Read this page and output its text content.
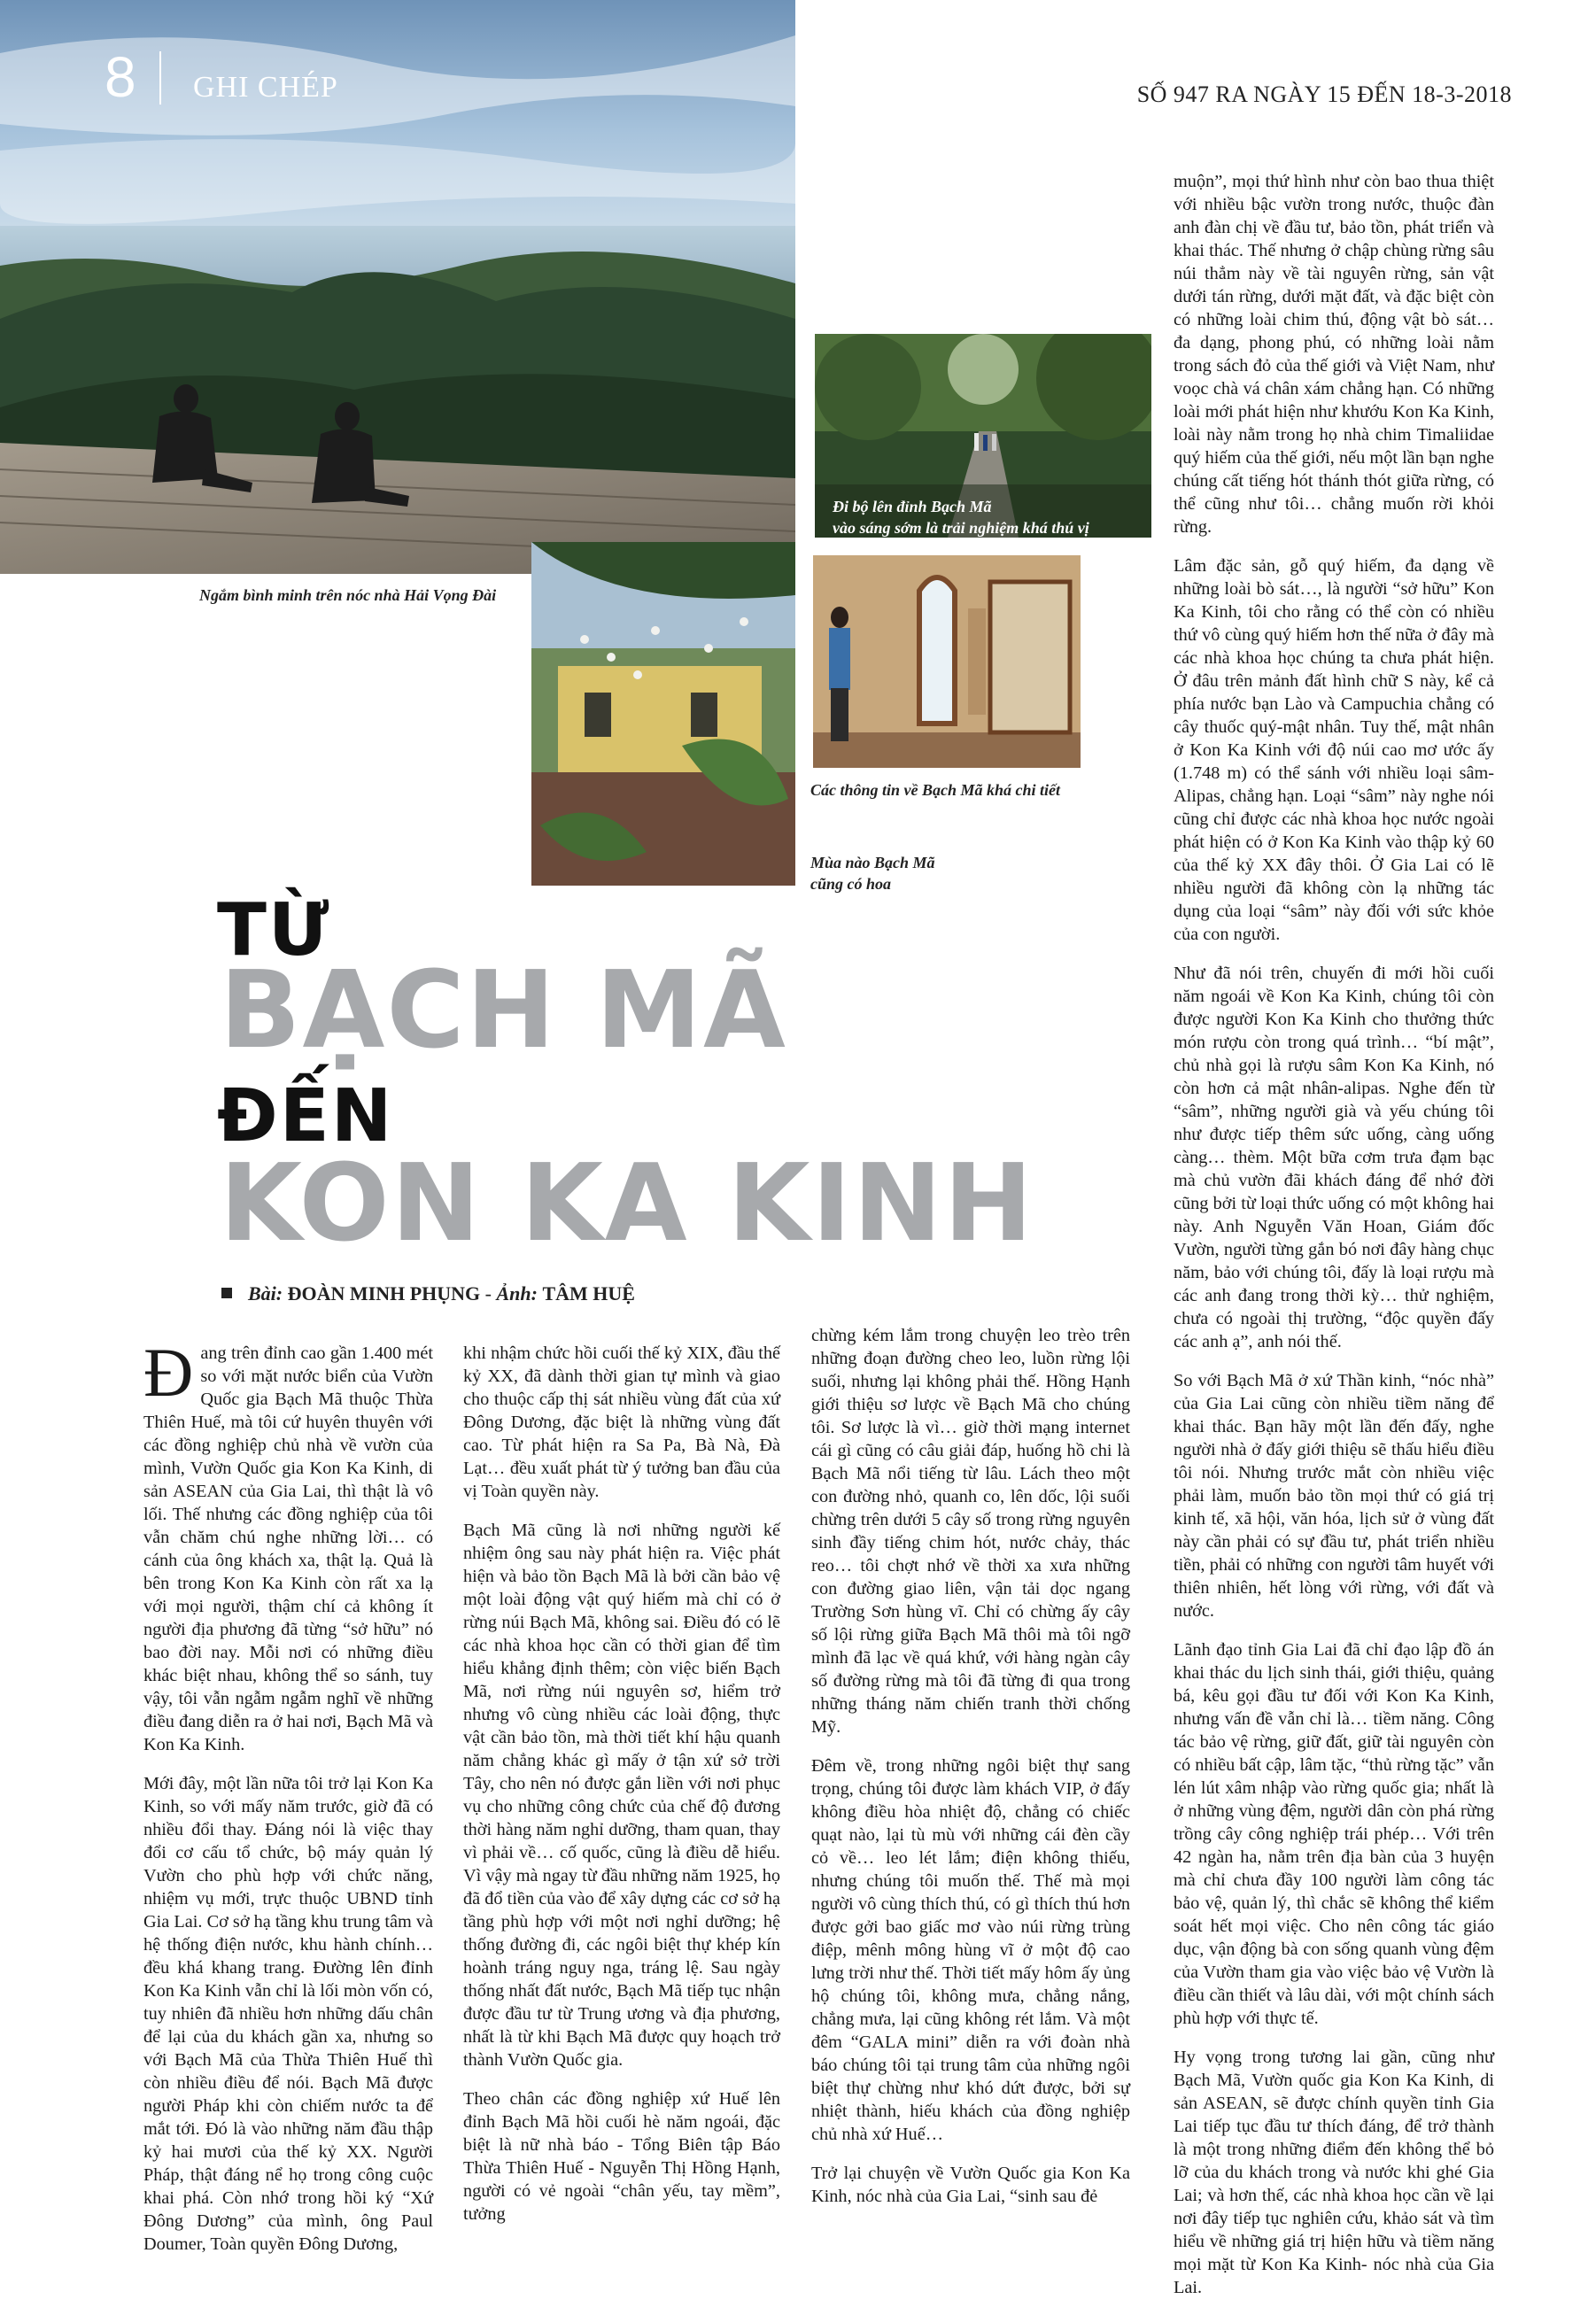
8 GHI CHÉP	SỐ 947 RA NGÀY 15 ĐẾN 18-3-2018
Ngắm bình minh trên nóc nhà Hải Vọng Đài
Đi bộ lên đỉnh Bạch Mã
vào sáng sớm là trải nghiệm khá thú vị
Các thông tin về Bạch Mã khá chi tiết
Mùa nào Bạch Mã
cũng có hoa
TỪ
BẠCH MÃ
ĐẾN
KON KA KINH
Bài: ĐOÀN MINH PHỤNG - Ảnh: TÂM HUỆ

Đang trên đỉnh cao gần 1.400 mét so với mặt nước biển của Vườn Quốc gia Bạch Mã thuộc Thừa Thiên Huế, mà tôi cứ huyên thuyên với các đồng nghiệp chủ nhà về vườn của mình, Vườn Quốc gia Kon Ka Kinh, di sản ASEAN của Gia Lai, thì thật là vô lối. Thế nhưng các đồng nghiệp của tôi vẫn chăm chú nghe những lời… có cánh của ông khách xa, thật lạ. Quả là bên trong Kon Ka Kinh còn rất xa lạ với mọi người, thậm chí cả không ít người địa phương đã từng “sở hữu” nó bao đời nay. Mỗi nơi có những điều khác biệt nhau, không thể so sánh, tuy vậy, tôi vẫn ngẫm ngẫm nghĩ về những điều đang diễn ra ở hai nơi, Bạch Mã và Kon Ka Kinh.

Mới đây, một lần nữa tôi trở lại Kon Ka Kinh, so với mấy năm trước, giờ đã có nhiều đổi thay. Đáng nói là việc thay đổi cơ cấu tổ chức, bộ máy quản lý Vườn cho phù hợp với chức năng, nhiệm vụ mới, trực thuộc UBND tỉnh Gia Lai. Cơ sở hạ tầng khu trung tâm và hệ thống điện nước, khu hành chính… đều khá khang trang. Đường lên đỉnh Kon Ka Kinh vẫn chỉ là lối mòn vốn có, tuy nhiên đã nhiều hơn những dấu chân để lại của du khách gần xa, nhưng so với Bạch Mã của Thừa Thiên Huế thì còn nhiều điều để nói. Bạch Mã được người Pháp khi còn chiếm nước ta để mắt tới. Đó là vào những năm đầu thập kỷ hai mươi của thế kỷ XX. Người Pháp, thật đáng nể họ trong công cuộc khai phá. Còn nhớ trong hồi ký “Xứ Đông Dương” của mình, ông Paul Doumer, Toàn quyền Đông Dương,

khi nhậm chức hồi cuối thế kỷ XIX, đầu thế kỷ XX, đã dành thời gian tự mình và giao cho thuộc cấp thị sát nhiều vùng đất của xứ Đông Dương, đặc biệt là những vùng đất cao. Từ phát hiện ra Sa Pa, Bà Nà, Đà Lạt… đều xuất phát từ ý tưởng ban đầu của vị Toàn quyền này.

Bạch Mã cũng là nơi những người kế nhiệm ông sau này phát hiện ra. Việc phát hiện và bảo tồn Bạch Mã là bởi cần bảo vệ một loài động vật quý hiếm mà chỉ có ở rừng núi Bạch Mã, không sai. Điều đó có lẽ các nhà khoa học cần có thời gian để tìm hiểu khẳng định thêm; còn việc biến Bạch Mã, nơi rừng núi nguyên sơ, hiểm trở nhưng vô cùng nhiều các loài động, thực vật cần bảo tồn, mà thời tiết khí hậu quanh năm chẳng khác gì mấy ở tận xứ sở trời Tây, cho nên nó được gắn liền với nơi phục vụ cho những công chức của chế độ đương thời hàng năm nghỉ dưỡng, tham quan, thay vì phải về… cố quốc, cũng là điều dễ hiểu. Vì vậy mà ngay từ đầu những năm 1925, họ đã đổ tiền của vào để xây dựng các cơ sở hạ tầng phù hợp với một nơi nghỉ dưỡng; hệ thống đường đi, các ngôi biệt thự khép kín hoành tráng nguy nga, tráng lệ. Sau ngày thống nhất đất nước, Bạch Mã tiếp tục nhận được đầu tư từ Trung ương và địa phương, nhất là từ khi Bạch Mã được quy hoạch trở thành Vườn Quốc gia.

Theo chân các đồng nghiệp xứ Huế lên đỉnh Bạch Mã hồi cuối hè năm ngoái, đặc biệt là nữ nhà báo - Tổng Biên tập Báo Thừa Thiên Huế - Nguyễn Thị Hồng Hạnh, người có vẻ ngoài “chân yếu, tay mềm”, tưởng

chừng kém lắm trong chuyện leo trèo trên những đoạn đường cheo leo, luồn rừng lội suối, nhưng lại không phải thế. Hồng Hạnh giới thiệu sơ lược về Bạch Mã cho chúng tôi. Sơ lược là vì… giờ thời mạng internet cái gì cũng có câu giải đáp, huống hồ chi là Bạch Mã nổi tiếng từ lâu. Lách theo một con đường nhỏ, quanh co, lên dốc, lội suối chừng trên dưới 5 cây số trong rừng nguyên sinh đầy tiếng chim hót, nước chảy, thác reo… tôi chợt nhớ về thời xa xưa những con đường giao liên, vận tải dọc ngang Trường Sơn hùng vĩ. Chỉ có chừng ấy cây số lội rừng giữa Bạch Mã thôi mà tôi ngỡ mình đã lạc về quá khứ, với hàng ngàn cây số đường rừng mà tôi đã từng đi qua trong những tháng năm chiến tranh thời chống Mỹ.

Đêm về, trong những ngôi biệt thự sang trọng, chúng tôi được làm khách VIP, ở đấy không điều hòa nhiệt độ, chẳng có chiếc quạt nào, lại tù mù với những cái đèn cầy cỏ về… leo lét lắm; điện không thiếu, nhưng chúng tôi muốn thế. Thế mà mọi người vô cùng thích thú, có gì thích thú hơn được gởi bao giấc mơ vào núi rừng trùng điệp, mênh mông hùng vĩ ở một độ cao lưng trời như thế. Thời tiết mấy hôm ấy ủng hộ chúng tôi, không mưa, chẳng nắng, chẳng mưa, lại cũng không rét lắm. Và một đêm “GALA mini” diễn ra với đoàn nhà báo chúng tôi tại trung tâm của những ngôi biệt thự chừng như khó dứt được, bởi sự nhiệt thành, hiếu khách của đồng nghiệp chủ nhà xứ Huế…

Trở lại chuyện về Vườn Quốc gia Kon Ka Kinh, nóc nhà của Gia Lai, “sinh sau đẻ

muộn”, mọi thứ hình như còn bao thua thiệt với nhiều bậc vườn trong nước, thuộc đàn anh đàn chị về đầu tư, bảo tồn, phát triển và khai thác. Thế nhưng ở chập chùng rừng sâu núi thẳm này về tài nguyên rừng, sản vật dưới tán rừng, dưới mặt đất, và đặc biệt còn có những loài chim thú, động vật bò sát… đa dạng, phong phú, có những loài nằm trong sách đỏ của thế giới và Việt Nam, như voọc chà vá chân xám chẳng hạn. Có những loài mới phát hiện như khướu Kon Ka Kinh, loài này nằm trong họ nhà chim Timaliidae quý hiếm của thế giới, nếu một lần bạn nghe chúng cất tiếng hót thánh thót giữa rừng, có thể cũng như tôi… chẳng muốn rời khỏi rừng.

Lâm đặc sản, gỗ quý hiếm, đa dạng về những loài bò sát…, là người “sở hữu” Kon Ka Kinh, tôi cho rằng có thể còn có nhiều thứ vô cùng quý hiếm hơn thế nữa ở đây mà các nhà khoa học chúng ta chưa phát hiện. Ở đâu trên mảnh đất hình chữ S này, kể cả phía nước bạn Lào và Campuchia chẳng có cây thuốc quý-mật nhân. Tuy thế, mật nhân ở Kon Ka Kinh với độ núi cao mơ ước ấy (1.748 m) có thể sánh với nhiều loại sâm-Alipas, chẳng hạn. Loại “sâm” này nghe nói cũng chỉ được các nhà khoa học nước ngoài phát hiện có ở Kon Ka Kinh vào thập kỷ 60 của thế kỷ XX đây thôi. Ở Gia Lai có lẽ nhiều người đã không còn lạ những tác dụng của loại “sâm” này đối với sức khỏe của con người.

Như đã nói trên, chuyến đi mới hồi cuối năm ngoái về Kon Ka Kinh, chúng tôi còn được người Kon Ka Kinh cho thưởng thức món rượu còn trong quá trình… “bí mật”, chủ nhà gọi là rượu sâm Kon Ka Kinh, nó còn hơn cả mật nhân-alipas. Nghe đến từ “sâm”, những người già và yếu chúng tôi như được tiếp thêm sức uống, càng uống càng… thèm. Một bữa cơm trưa đạm bạc mà chủ vườn đãi khách đáng để nhớ đời cũng bởi từ loại thức uống có một không hai này. Anh Nguyễn Văn Hoan, Giám đốc Vườn, người từng gắn bó nơi đây hàng chục năm, bảo với chúng tôi, đấy là loại rượu mà các anh đang trong thời kỳ… thử nghiệm, chưa có ngoài thị trường, “độc quyền đấy các anh ạ”, anh nói thế.

So với Bạch Mã ở xứ Thần kinh, “nóc nhà” của Gia Lai cũng còn nhiều tiềm năng để khai thác. Bạn hãy một lần đến đấy, nghe người nhà ở đấy giới thiệu sẽ thấu hiểu điều tôi nói. Nhưng trước mắt còn nhiều việc phải làm, muốn bảo tồn mọi thứ có giá trị kinh tế, xã hội, văn hóa, lịch sử ở vùng đất này cần phải có sự đầu tư, phát triển nhiều tiền, phải có những con người tâm huyết với thiên nhiên, hết lòng với rừng, với đất và nước.

Lãnh đạo tỉnh Gia Lai đã chỉ đạo lập đồ án khai thác du lịch sinh thái, giới thiệu, quảng bá, kêu gọi đầu tư đối với Kon Ka Kinh, nhưng vấn đề vẫn chỉ là… tiềm năng. Công tác bảo vệ rừng, giữ đất, giữ tài nguyên còn có nhiều bất cập, lâm tặc, “thủ rừng tặc” vẫn lén lút xâm nhập vào rừng quốc gia; nhất là ở những vùng đệm, người dân còn phá rừng trồng cây công nghiệp trái phép… Với trên 42 ngàn ha, nằm trên địa bàn của 3 huyện mà chỉ chưa đầy 100 người làm công tác bảo vệ, quản lý, thì chắc sẽ không thể kiểm soát hết mọi việc. Cho nên công tác giáo dục, vận động bà con sống quanh vùng đệm của Vườn tham gia vào việc bảo vệ Vườn là điều cần thiết và lâu dài, với một chính sách phù hợp với thực tế.

Hy vọng trong tương lai gần, cũng như Bạch Mã, Vườn quốc gia Kon Ka Kinh, di sản ASEAN, sẽ được chính quyền tỉnh Gia Lai tiếp tục đầu tư thích đáng, để trở thành là một trong những điểm đến không thể bỏ lỡ của du khách trong và nước khi ghé Gia Lai; và hơn thế, các nhà khoa học cần về lại nơi đây tiếp tục nghiên cứu, khảo sát và tìm hiểu về những giá trị hiện hữu và tiềm năng mọi mặt từ Kon Ka Kinh- nóc nhà của Gia Lai.
